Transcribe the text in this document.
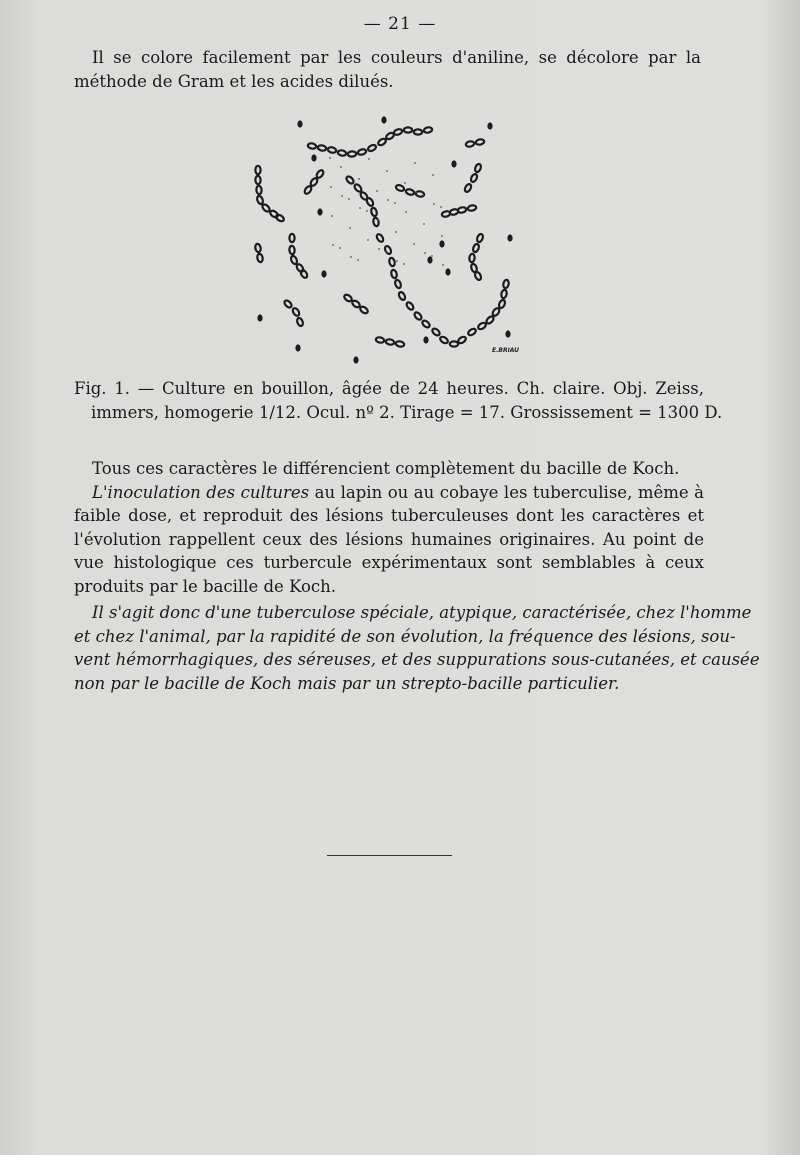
— 21 —
Il se colore facilement par les couleurs d'aniline, se décolore par la
méthode de Gram et les acides dilués.
E.BRIAU
Fig. 1. — Culture en bouillon, âgée de 24 heures. Ch. claire. Obj. Zeiss,
immers, homogerie 1/12. Ocul. nº 2. Tirage = 17. Grossissement = 1300 D.
Tous ces caractères le différencient complètement du bacille de Koch.
L'inoculation des cultures au lapin ou au cobaye les tuberculise, même à
faible dose, et reproduit des lésions tuberculeuses dont les caractères et
l'évolution rappellent ceux des lésions humaines originaires. Au point de
vue histologique ces turbercule expérimentaux sont semblables à ceux
produits par le bacille de Koch.
Il s'agit donc d'une tuberculose spéciale, atypique, caractérisée, chez l'homme
et chez l'animal, par la rapidité de son évolution, la fréquence des lésions, sou-
vent hémorrhagiques, des séreuses, et des suppurations sous-cutanées, et causée
non par le bacille de Koch mais par un strepto-bacille particulier.
